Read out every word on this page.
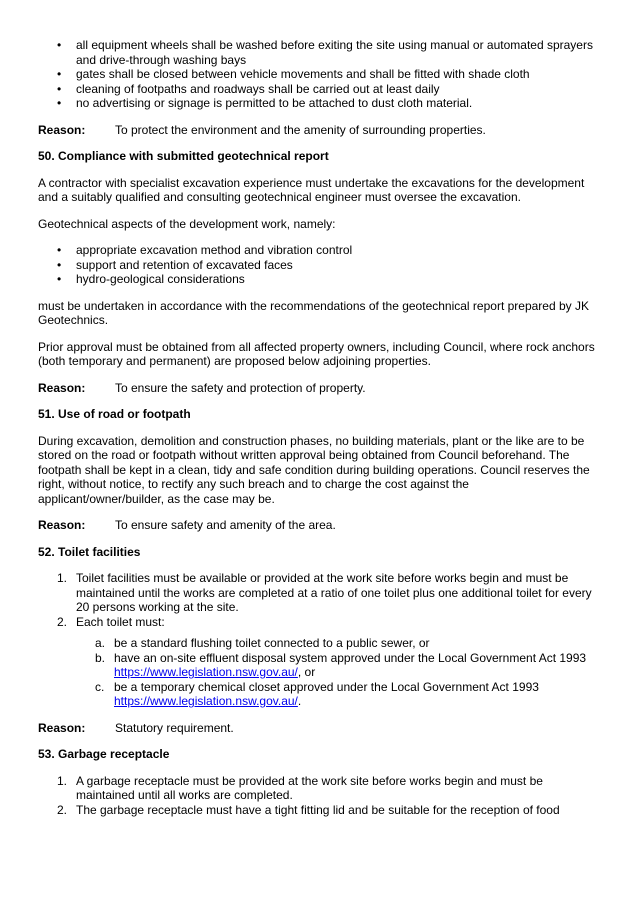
• all equipment wheels shall be washed before exiting the site using manual or automated sprayers and drive-through washing bays
• gates shall be closed between vehicle movements and shall be fitted with shade cloth
• cleaning of footpaths and roadways shall be carried out at least daily
• no advertising or signage is permitted to be attached to dust cloth material.
Reason:	To protect the environment and the amenity of surrounding properties.

50. Compliance with submitted geotechnical report

A contractor with specialist excavation experience must undertake the excavations for the development and a suitably qualified and consulting geotechnical engineer must oversee the excavation.

Geotechnical aspects of the development work, namely:

• appropriate excavation method and vibration control
• support and retention of excavated faces
• hydro-geological considerations

must be undertaken in accordance with the recommendations of the geotechnical report prepared by JK Geotechnics.

Prior approval must be obtained from all affected property owners, including Council, where rock anchors (both temporary and permanent) are proposed below adjoining properties.

Reason:	To ensure the safety and protection of property.

51. Use of road or footpath

During excavation, demolition and construction phases, no building materials, plant or the like are to be stored on the road or footpath without written approval being obtained from Council beforehand. The footpath shall be kept in a clean, tidy and safe condition during building operations. Council reserves the right, without notice, to rectify any such breach and to charge the cost against the applicant/owner/builder, as the case may be.

Reason:	To ensure safety and amenity of the area.

52. Toilet facilities

1. Toilet facilities must be available or provided at the work site before works begin and must be maintained until the works are completed at a ratio of one toilet plus one additional toilet for every 20 persons working at the site.
2. Each toilet must:
a. be a standard flushing toilet connected to a public sewer, or
b. have an on-site effluent disposal system approved under the Local Government Act 1993 https://www.legislation.nsw.gov.au/, or
c. be a temporary chemical closet approved under the Local Government Act 1993 https://www.legislation.nsw.gov.au/.
Reason:	Statutory requirement.

53. Garbage receptacle

1. A garbage receptacle must be provided at the work site before works begin and must be maintained until all works are completed.
2. The garbage receptacle must have a tight fitting lid and be suitable for the reception of food
